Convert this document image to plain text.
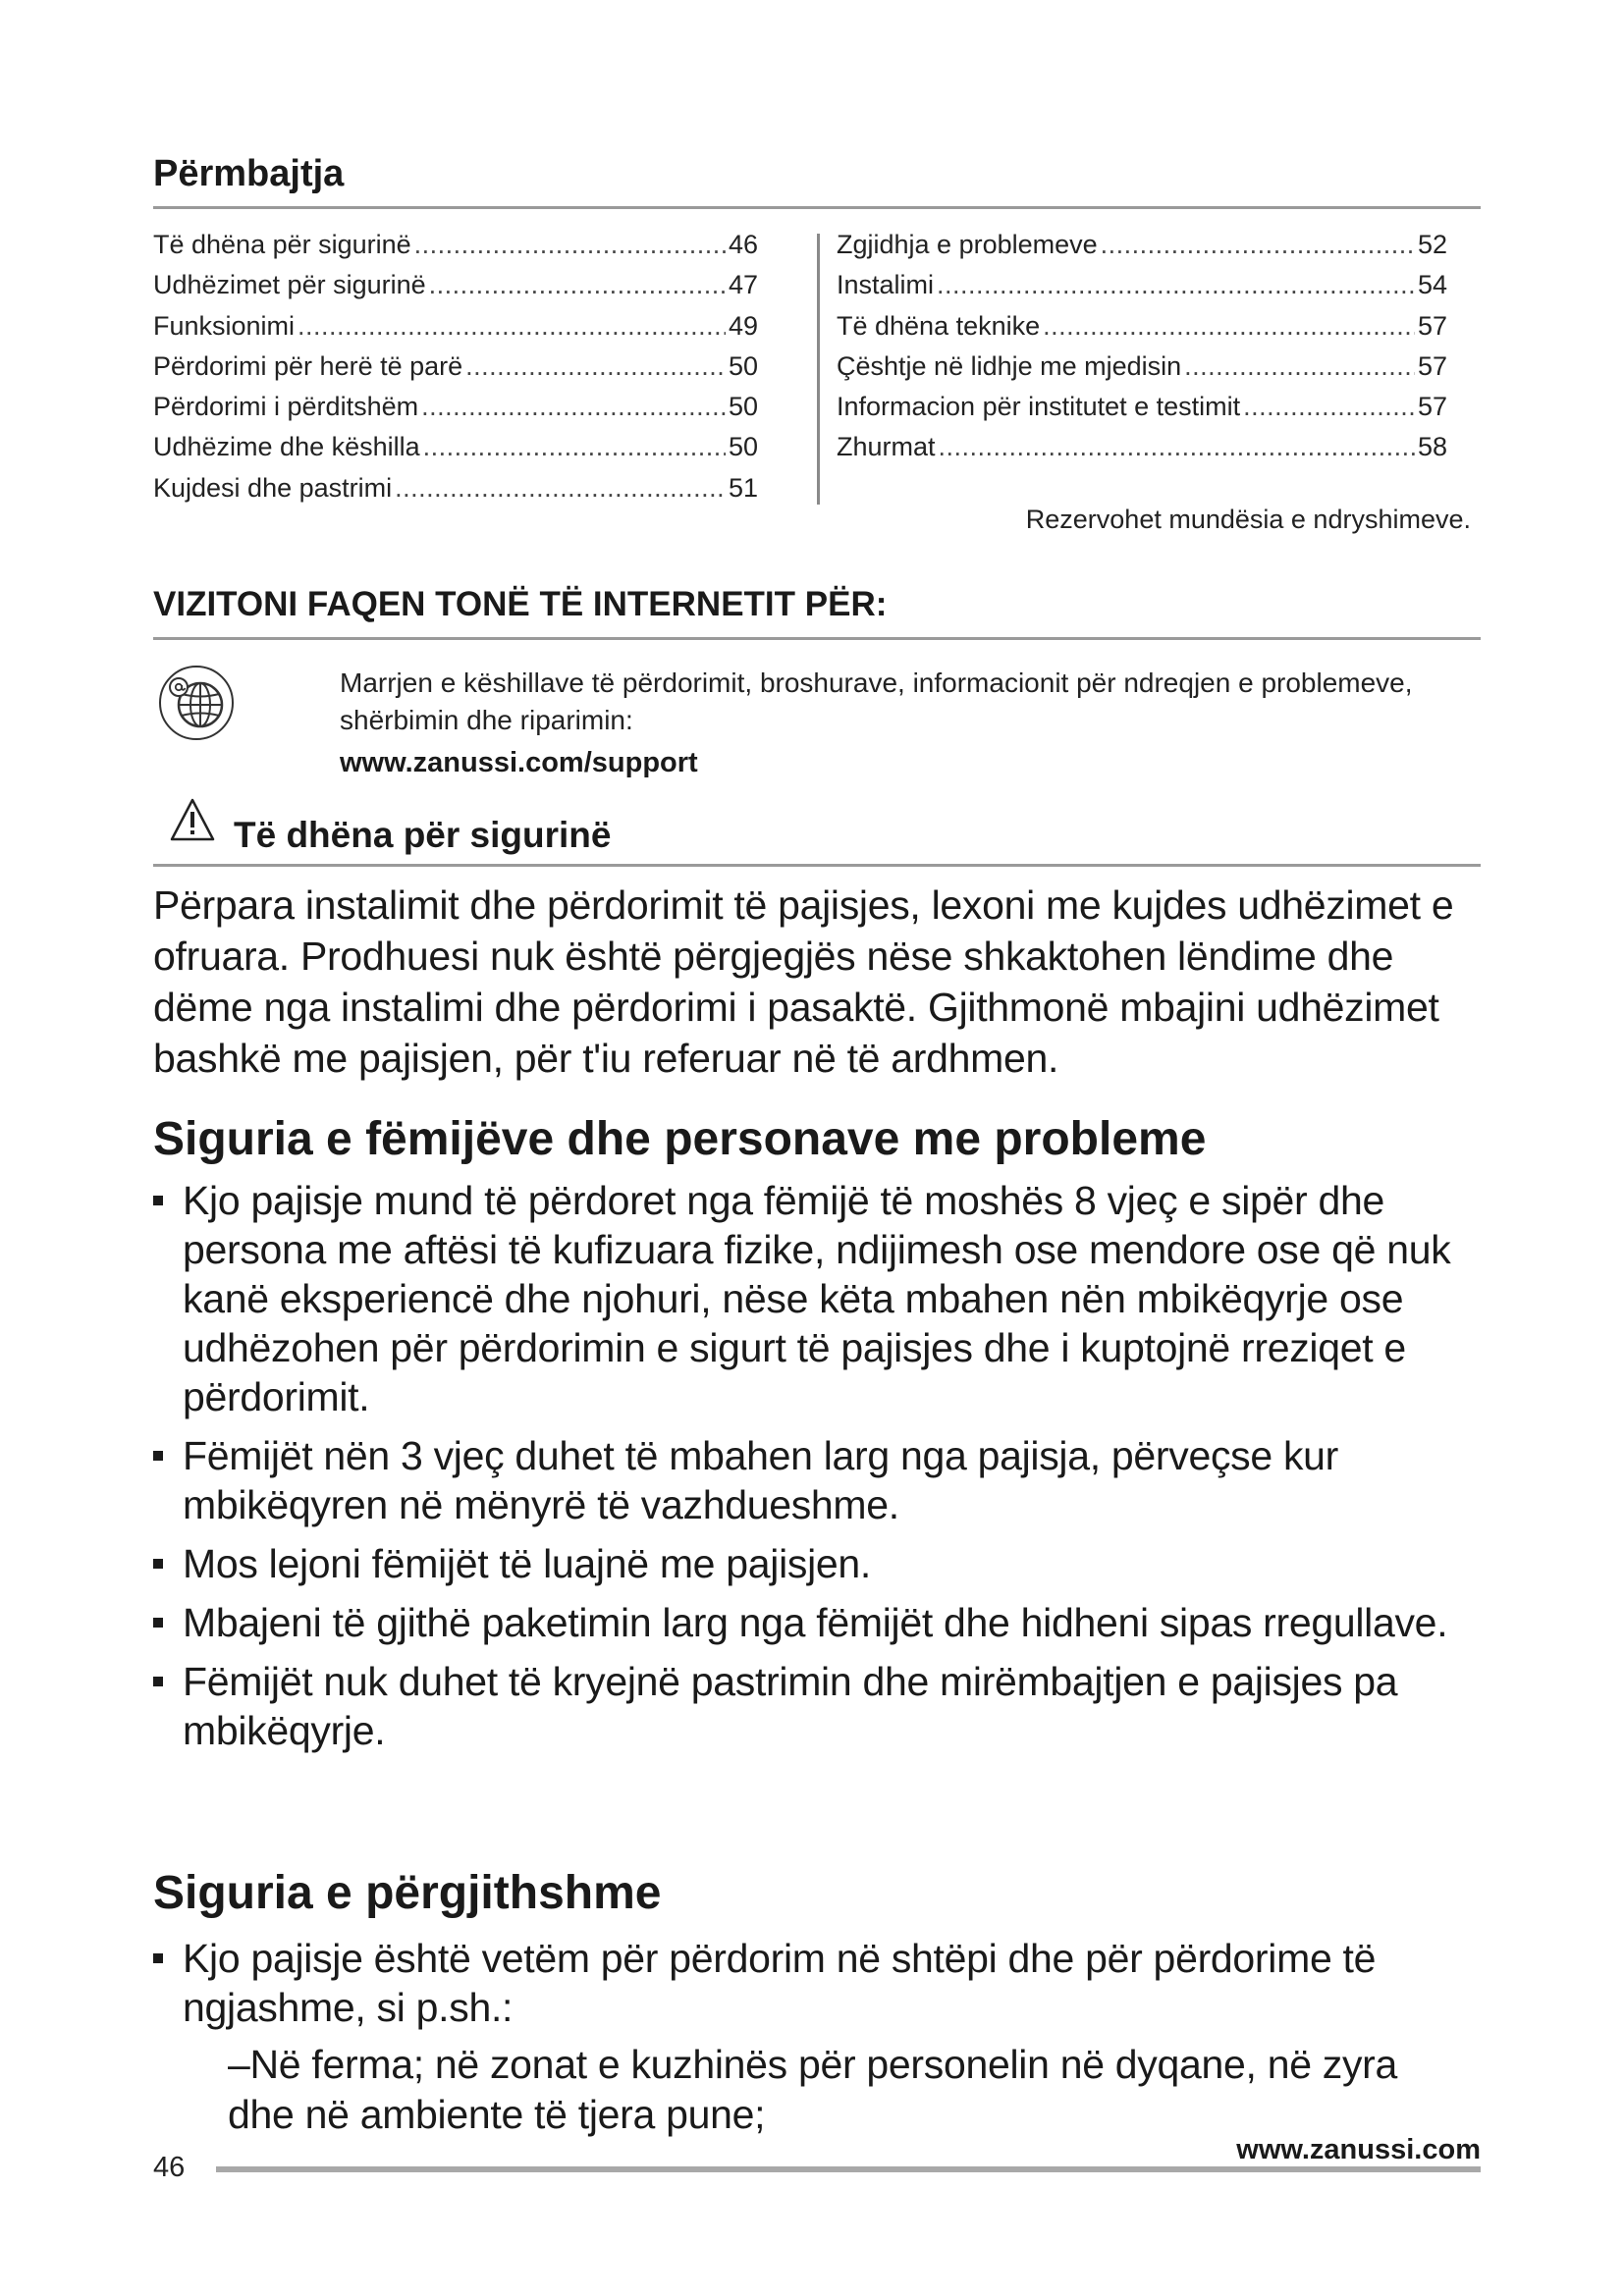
Përmbajtja
Të dhëna për sigurinë .....	46
Udhëzimet për sigurinë .....	47
Funksionimi .....	49
Përdorimi për herë të parë .....	50
Përdorimi i përditshëm .....	50
Udhëzime dhe këshilla .....	50
Kujdesi dhe pastrimi .....	51
Zgjidhja e problemeve .....	52
Instalimi .....	54
Të dhëna teknike .....	57
Çështje në lidhje me mjedisin .....	57
Informacion për institutet e testimit .....	57
Zhurmat .....	58
Rezervohet mundësia e ndryshimeve.
VIZITONI FAQEN TONË TË INTERNETIT PËR:
Marrjen e këshillave të përdorimit, broshurave, informacionit për ndreqjen e problemeve, shërbimin dhe riparimin:
www.zanussi.com/support
Të dhëna për sigurinë
Përpara instalimit dhe përdorimit të pajisjes, lexoni me kujdes udhëzimet e ofruara. Prodhuesi nuk është përgjegjës nëse shkaktohen lëndime dhe dëme nga instalimi dhe përdorimi i pasaktë. Gjithmonë mbajini udhëzimet bashkë me pajisjen, për t'iu referuar në të ardhmen.
Siguria e fëmijëve dhe personave me probleme
Kjo pajisje mund të përdoret nga fëmijë të moshës 8 vjeç e sipër dhe persona me aftësi të kufizuara fizike, ndijimesh ose mendore ose që nuk kanë eksperiencë dhe njohuri, nëse këta mbahen nën mbikëqyrje ose udhëzohen për përdorimin e sigurt të pajisjes dhe i kuptojnë rreziqet e përdorimit.
Fëmijët nën 3 vjeç duhet të mbahen larg nga pajisja, përveçse kur mbikëqyren në mënyrë të vazhdueshme.
Mos lejoni fëmijët të luajnë me pajisjen.
Mbajeni të gjithë paketimin larg nga fëmijët dhe hidheni sipas rregullave.
Fëmijët nuk duhet të kryejnë pastrimin dhe mirëmbajtjen e pajisjes pa mbikëqyrje.
Siguria e përgjithshme
Kjo pajisje është vetëm për përdorim në shtëpi dhe për përdorime të ngjashme, si p.sh.:
–Në ferma; në zonat e kuzhinës për personelin në dyqane, në zyra dhe në ambiente të tjera pune;
46
www.zanussi.com
